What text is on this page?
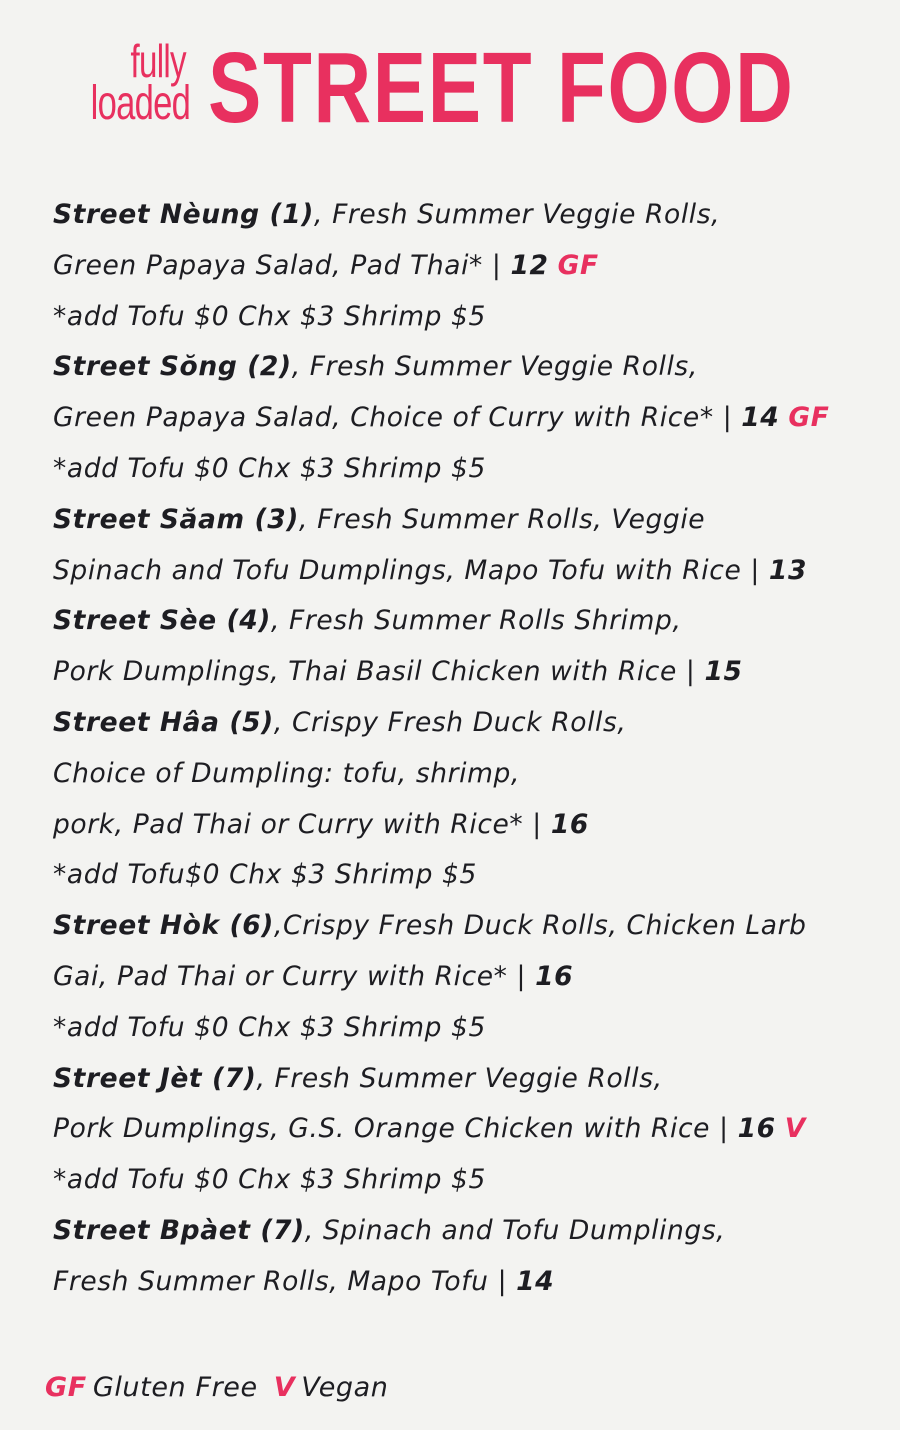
fully
loaded STREET FOOD
Street Nèung (1), Fresh Summer Veggie Rolls,
Green Papaya Salad, Pad Thai* | 12 GF
*add Tofu $0 Chx $3 Shrimp $5
Street Sŏng (2), Fresh Summer Veggie Rolls,
Green Papaya Salad, Choice of Curry with Rice* | 14 GF
*add Tofu $0 Chx $3 Shrimp $5
Street Săam (3), Fresh Summer Rolls, Veggie
Spinach and Tofu Dumplings, Mapo Tofu with Rice | 13
Street Sèe (4), Fresh Summer Rolls Shrimp,
Pork Dumplings, Thai Basil Chicken with Rice | 15
Street Hâa (5), Crispy Fresh Duck Rolls,
Choice of Dumpling: tofu, shrimp,
pork, Pad Thai or Curry with Rice* | 16
*add Tofu$0 Chx $3 Shrimp $5
Street Hòk (6),Crispy Fresh Duck Rolls, Chicken Larb
Gai, Pad Thai or Curry with Rice* | 16
*add Tofu $0 Chx $3 Shrimp $5
Street Jèt (7), Fresh Summer Veggie Rolls,
Pork Dumplings, G.S. Orange Chicken with Rice | 16 V
*add Tofu $0 Chx $3 Shrimp $5
Street Bpàet (7), Spinach and Tofu Dumplings,
Fresh Summer Rolls, Mapo Tofu | 14
GF Gluten Free V Vegan
